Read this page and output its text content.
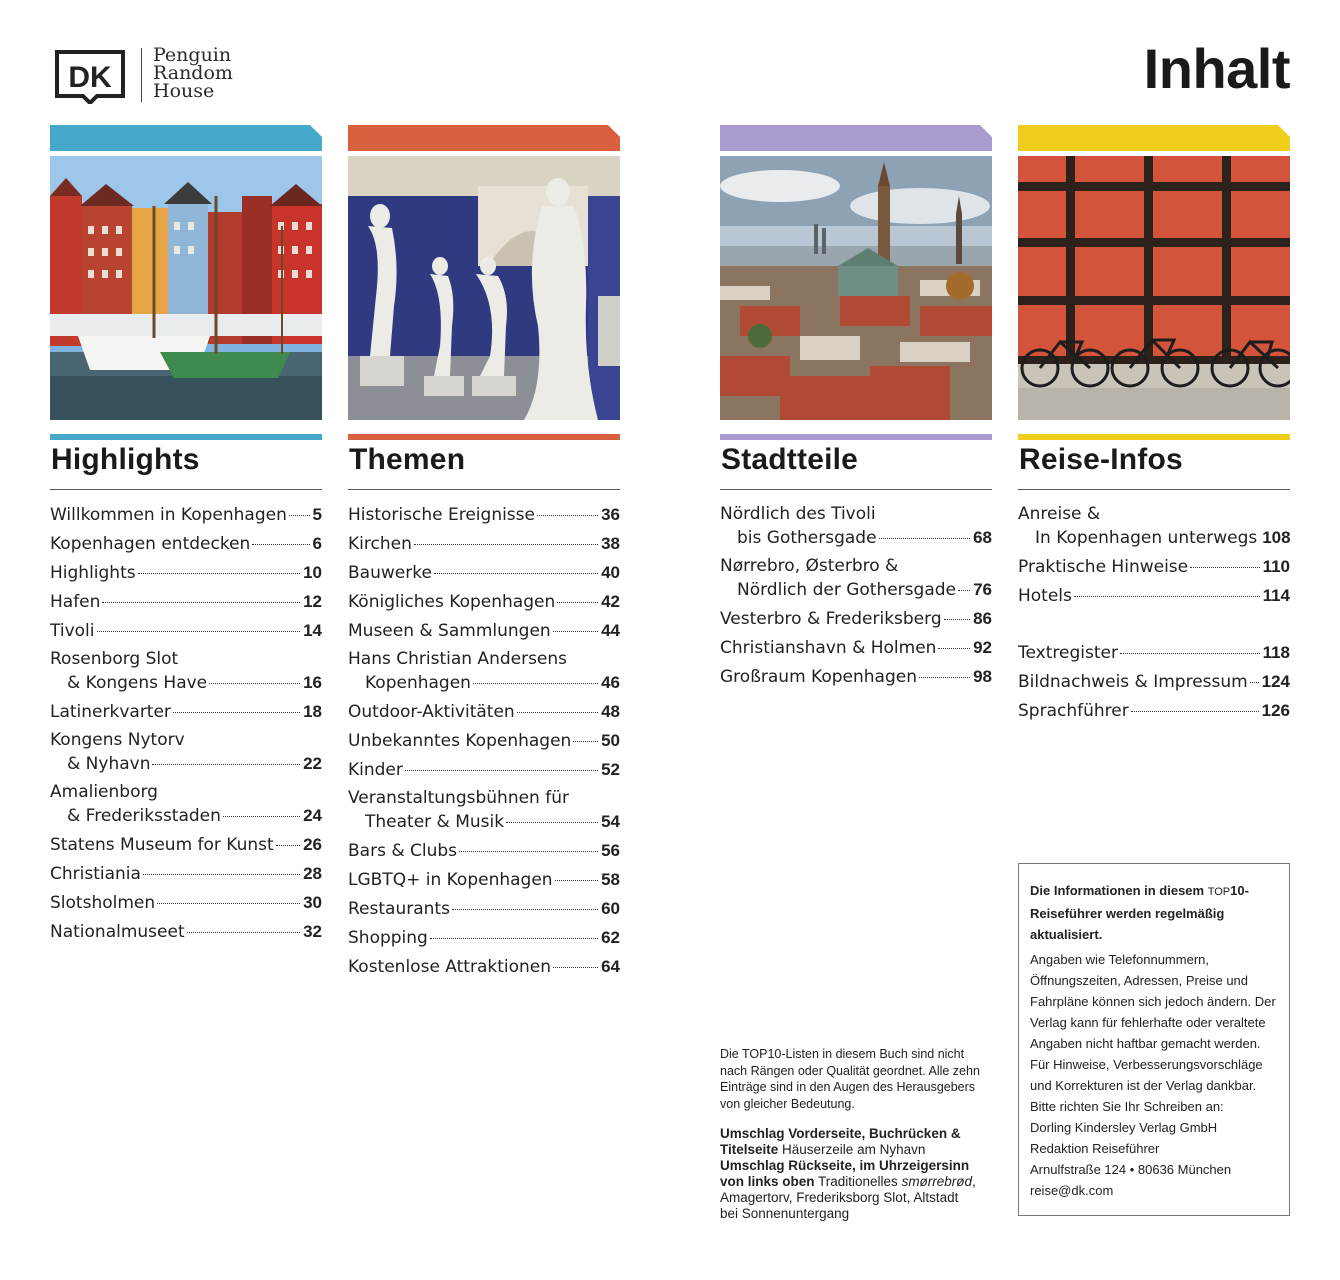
DK
Penguin
Random
House	Inhalt
Highlights
Willkommen in Kopenhagen 5
Kopenhagen entdecken	6
Highlights	10
Hafen	12
Tivoli	14
Rosenborg Slot
& Kongens Have	16
Latinerkvarter	18
Kongens Nytorv
& Nyhavn	22
Amalienborg
& Frederiksstaden	24
Statens Museum for Kunst 26
Christiania	28
Slotsholmen	30
Nationalmuseet	32
Themen
Historische Ereignisse	36
Kirchen	38
Bauwerke	40
Königliches Kopenhagen	42
Museen & Sammlungen	44
Hans Christian Andersens
Kopenhagen	46
Outdoor-Aktivitäten	48
Unbekanntes Kopenhagen 50
Kinder	52
Veranstaltungsbühnen für
Theater & Musik	54
Bars & Clubs	56
LGBTQ+ in Kopenhagen	58
Restaurants	60
Shopping	62
Kostenlose Attraktionen	64
Stadtteile
Nördlich des Tivoli
bis Gothersgade	68
Nørrebro, Østerbro &
Nördlich der Gothersgade 76
Vesterbro & Frederiksberg 86
Christianshavn & Holmen 92
Großraum Kopenhagen	98
Reise-Infos
Anreise &
In Kopenhagen unterwegs 108
Praktische Hinweise	110
Hotels	114
Textregister	118
Bildnachweis & Impressum 124
Sprachführer	126

Die TOP10-Listen in diesem Buch sind nicht nach Rängen oder Qualität geordnet. Alle zehn Einträge sind in den Augen des Herausgebers von gleicher Bedeutung.

Umschlag Vorderseite, Buchrücken & Titelseite Häuserzeile am Nyhavn
Umschlag Rückseite, im Uhrzeigersinn von links oben Traditionelles smørrebrød, Amagertorv, Frederiksborg Slot, Altstadt bei Sonnenuntergang

Die Informationen in diesem TOP10-Reiseführer werden regelmäßig aktualisiert.

Angaben wie Telefonnummern, Öffnungszeiten, Adressen, Preise und Fahrpläne können sich jedoch ändern. Der Verlag kann für fehlerhafte oder veraltete Angaben nicht haftbar gemacht werden. Für Hinweise, Verbesserungsvorschläge und Korrekturen ist der Verlag dankbar. Bitte richten Sie Ihr Schreiben an:

Dorling Kindersley Verlag GmbH
Redaktion Reiseführer
Arnulfstraße 124 • 80636 München
reise@dk.com
